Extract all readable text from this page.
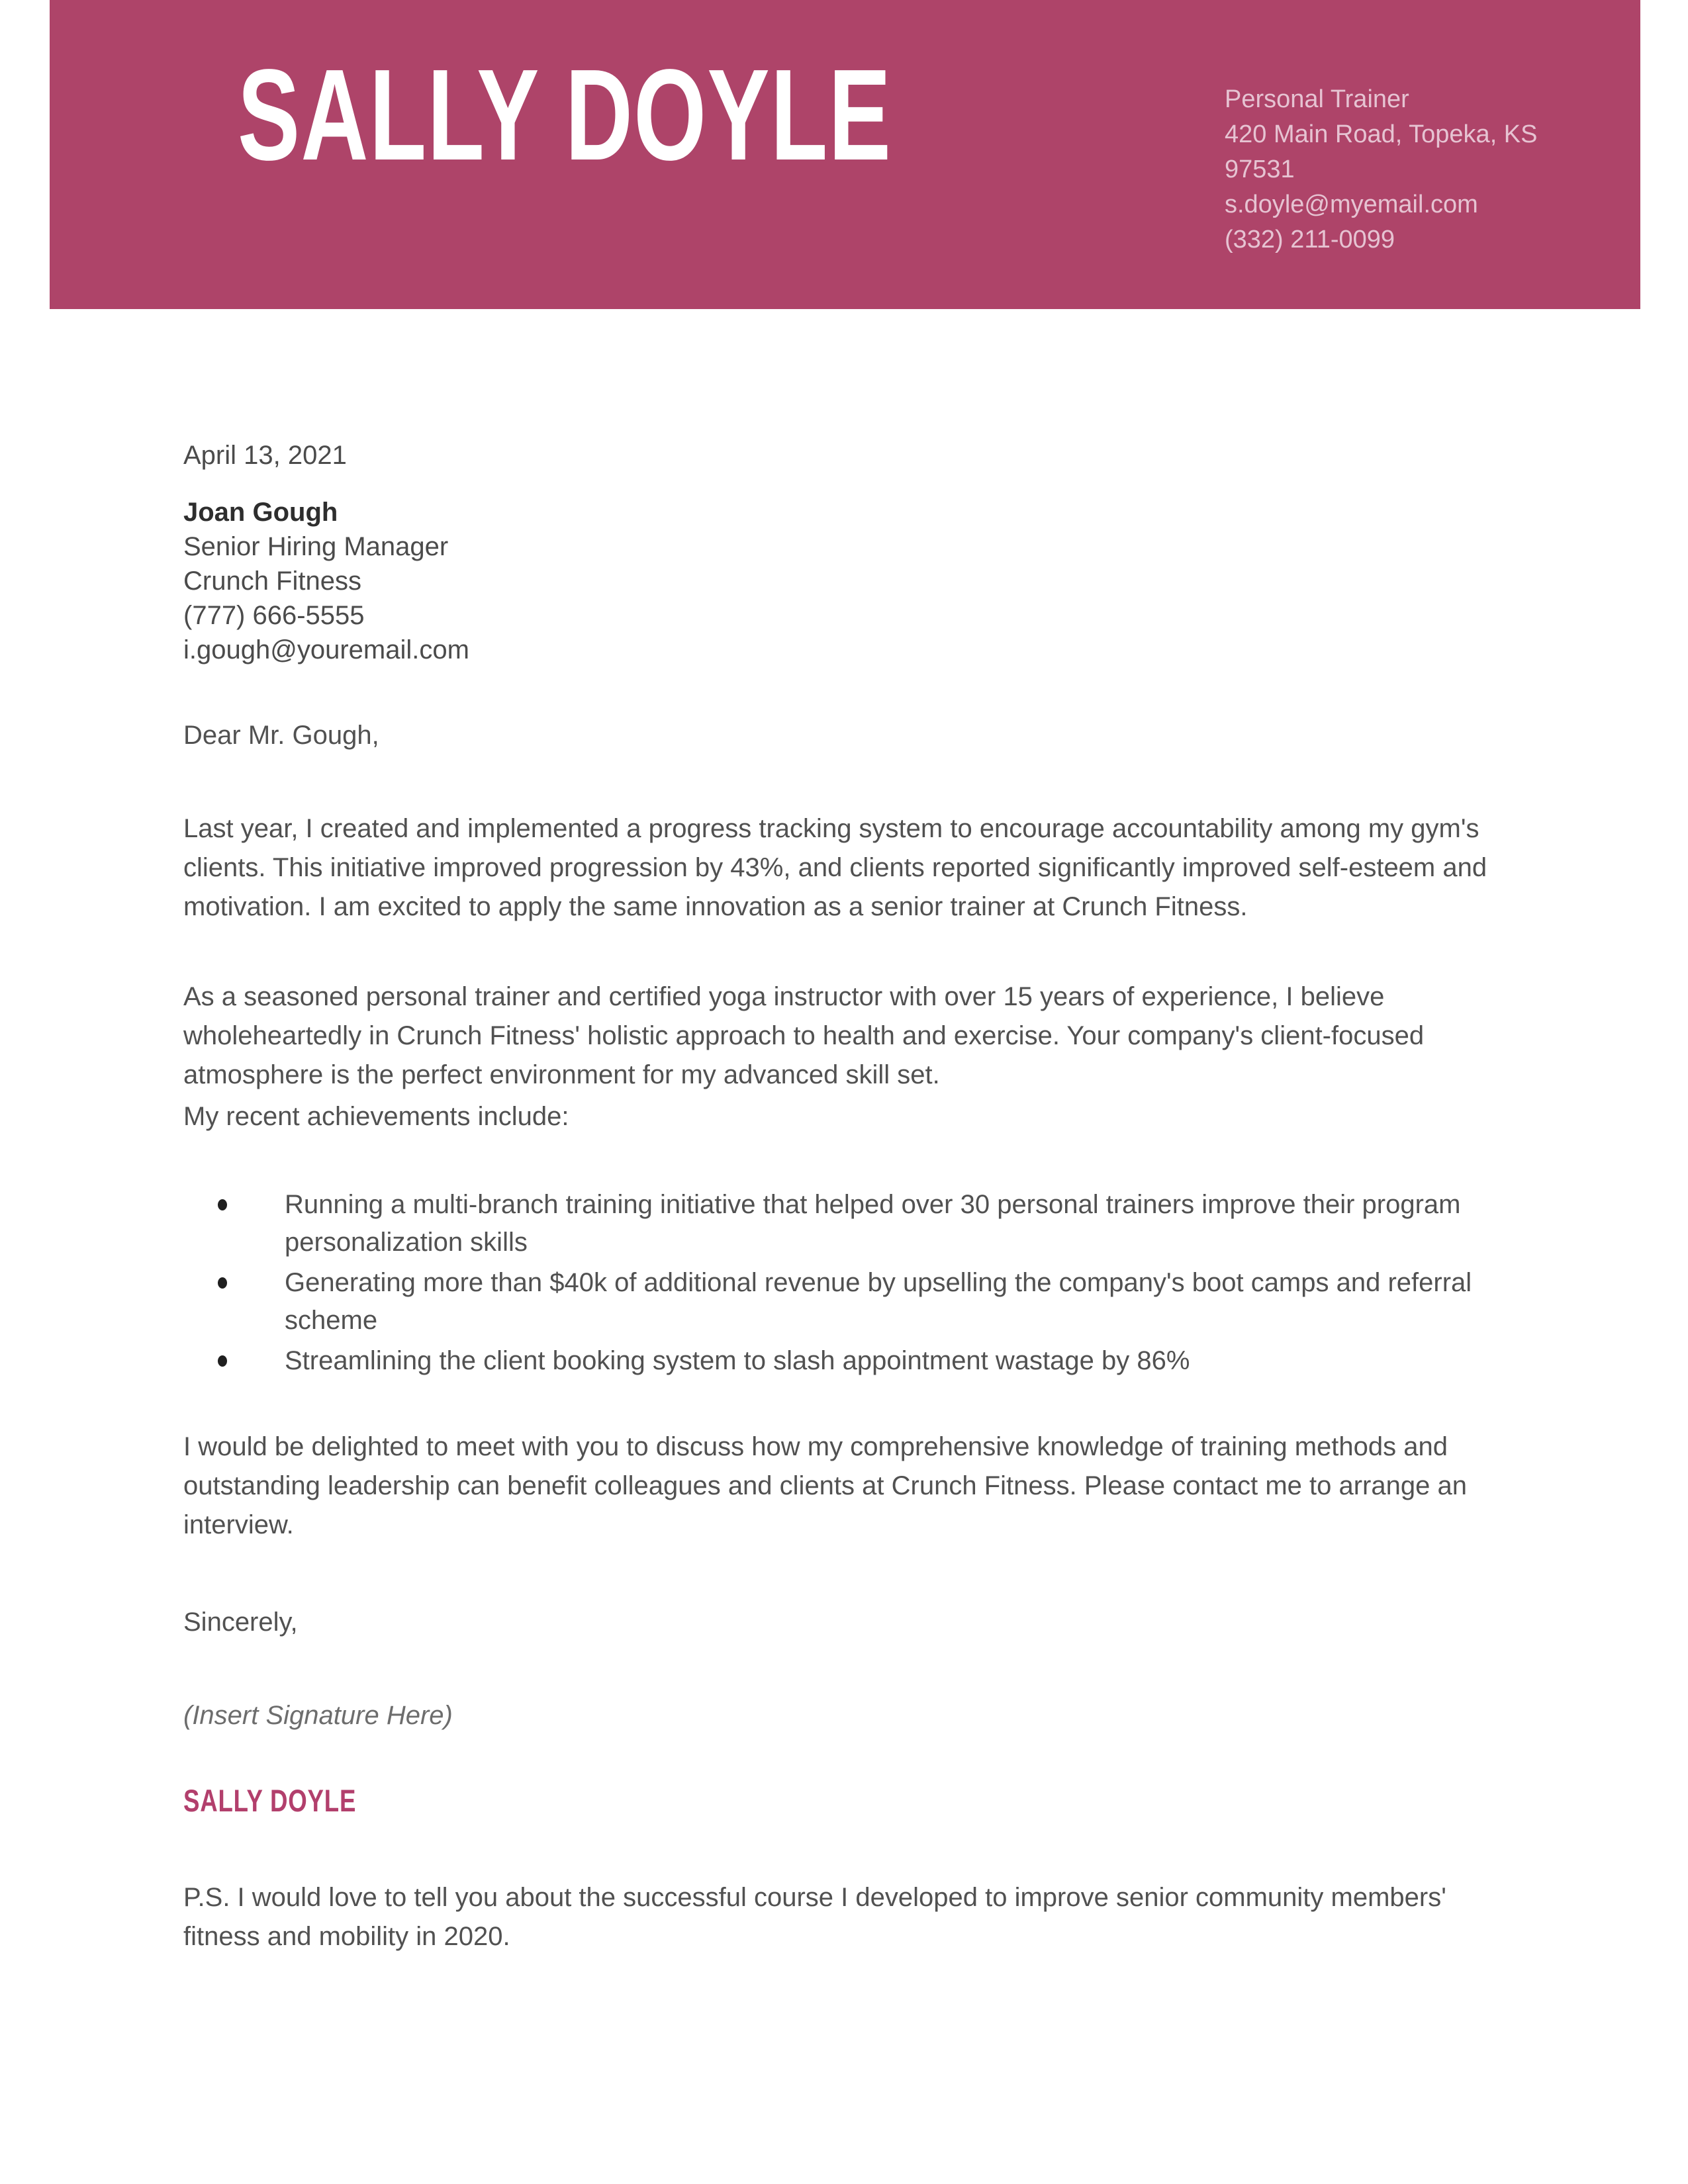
SALLY DOYLE	Personal Trainer
420 Main Road, Topeka, KS
97531
s.doyle@myemail.com
(332) 211-0099
April 13, 2021
Joan Gough
Senior Hiring Manager
Crunch Fitness
(777) 666-5555
i.gough@youremail.com
Dear Mr. Gough,
Last year, I created and implemented a progress tracking system to encourage accountability among my gym's clients. This initiative improved progression by 43%, and clients reported significantly improved self-esteem and motivation. I am excited to apply the same innovation as a senior trainer at Crunch Fitness.
As a seasoned personal trainer and certified yoga instructor with over 15 years of experience, I believe wholeheartedly in Crunch Fitness' holistic approach to health and exercise. Your company's client-focused atmosphere is the perfect environment for my advanced skill set.
My recent achievements include:
Running a multi-branch training initiative that helped over 30 personal trainers improve their program personalization skills
Generating more than $40k of additional revenue by upselling the company's boot camps and referral scheme
Streamlining the client booking system to slash appointment wastage by 86%
I would be delighted to meet with you to discuss how my comprehensive knowledge of training methods and outstanding leadership can benefit colleagues and clients at Crunch Fitness. Please contact me to arrange an interview.
Sincerely,
(Insert Signature Here)
SALLY DOYLE
P.S. I would love to tell you about the successful course I developed to improve senior community members' fitness and mobility in 2020.
